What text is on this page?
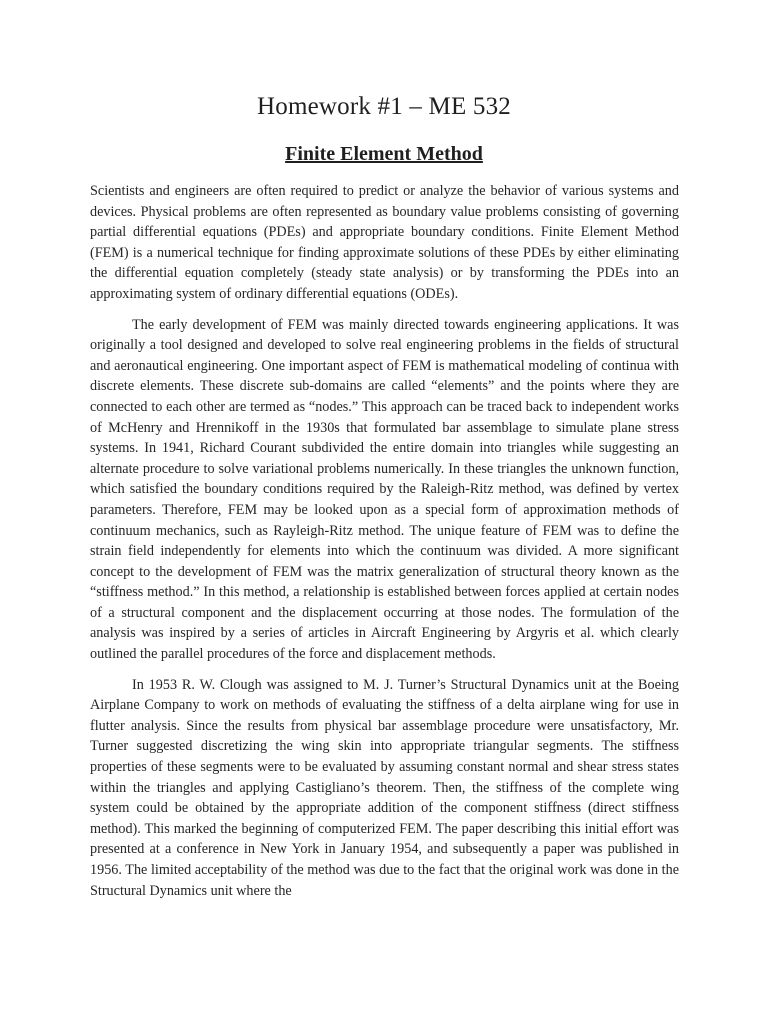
Homework #1 – ME 532
Finite Element Method

Scientists and engineers are often required to predict or analyze the behavior of various systems and devices. Physical problems are often represented as boundary value problems consisting of governing partial differential equations (PDEs) and appropriate boundary conditions. Finite Element Method (FEM) is a numerical technique for finding approximate solutions of these PDEs by either eliminating the differential equation completely (steady state analysis) or by transforming the PDEs into an approximating system of ordinary differential equations (ODEs).

The early development of FEM was mainly directed towards engineering applications. It was originally a tool designed and developed to solve real engineering problems in the fields of structural and aeronautical engineering. One important aspect of FEM is mathematical modeling of continua with discrete elements. These discrete sub-domains are called “elements” and the points where they are connected to each other are termed as “nodes.” This approach can be traced back to independent works of McHenry and Hrennikoff in the 1930s that formulated bar assemblage to simulate plane stress systems. In 1941, Richard Courant subdivided the entire domain into triangles while suggesting an alternate procedure to solve variational problems numerically. In these triangles the unknown function, which satisfied the boundary conditions required by the Raleigh-Ritz method, was defined by vertex parameters. Therefore, FEM may be looked upon as a special form of approximation methods of continuum mechanics, such as Rayleigh-Ritz method. The unique feature of FEM was to define the strain field independently for elements into which the continuum was divided. A more significant concept to the development of FEM was the matrix generalization of structural theory known as the “stiffness method.” In this method, a relationship is established between forces applied at certain nodes of a structural component and the displacement occurring at those nodes. The formulation of the analysis was inspired by a series of articles in Aircraft Engineering by Argyris et al. which clearly outlined the parallel procedures of the force and displacement methods.

In 1953 R. W. Clough was assigned to M. J. Turner’s Structural Dynamics unit at the Boeing Airplane Company to work on methods of evaluating the stiffness of a delta airplane wing for use in flutter analysis. Since the results from physical bar assemblage procedure were unsatisfactory, Mr. Turner suggested discretizing the wing skin into appropriate triangular segments. The stiffness properties of these segments were to be evaluated by assuming constant normal and shear stress states within the triangles and applying Castigliano’s theorem. Then, the stiffness of the complete wing system could be obtained by the appropriate addition of the component stiffness (direct stiffness method). This marked the beginning of computerized FEM. The paper describing this initial effort was presented at a conference in New York in January 1954, and subsequently a paper was published in 1956. The limited acceptability of the method was due to the fact that the original work was done in the Structural Dynamics unit where the
